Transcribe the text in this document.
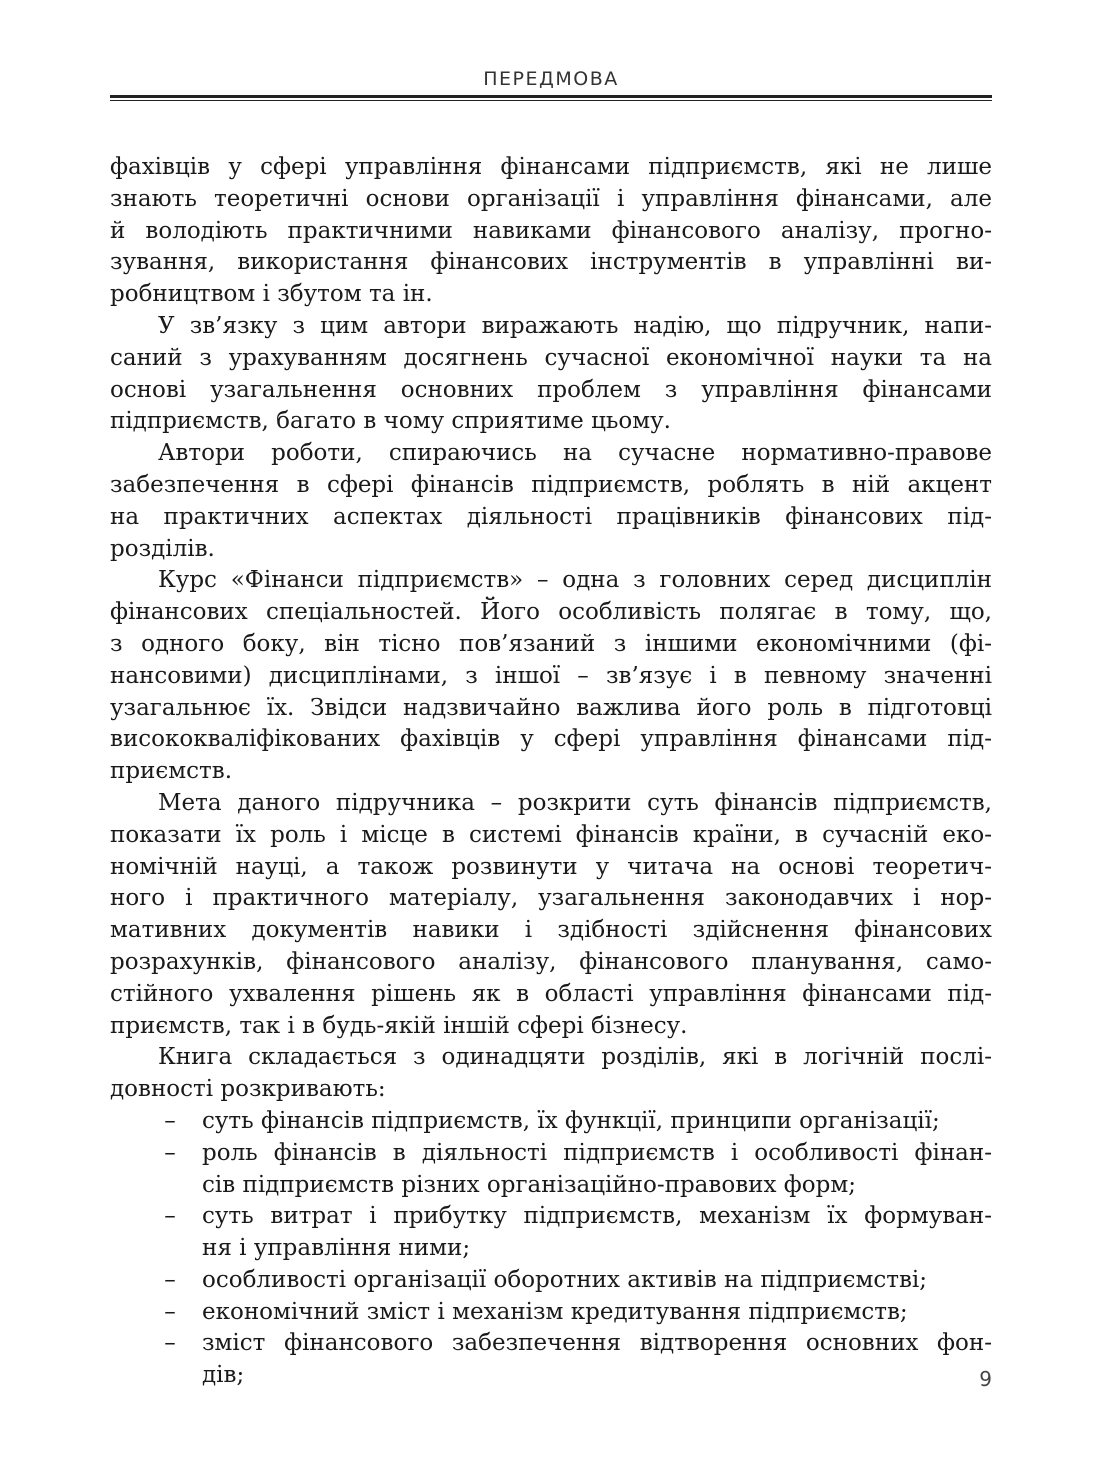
ПЕРЕДМОВА
фахівців у сфері управління фінансами підприємств, які не лише
знають теоретичні основи організації і управління фінансами, але
й володіють практичними навиками фінансового аналізу, прогно-
зування, використання фінансових інструментів в управлінні ви-
робництвом і збутом та ін.
У зв’язку з цим автори виражають надію, що підручник, напи-
саний з урахуванням досягнень сучасної економічної науки та на
основі узагальнення основних проблем з управління фінансами
підприємств, багато в чому сприятиме цьому.
Автори роботи, спираючись на сучасне нормативно-правове
забезпечення в сфері фінансів підприємств, роблять в ній акцент
на практичних аспектах діяльності працівників фінансових під-
розділів.
Курс «Фінанси підприємств» – одна з головних серед дисциплін
фінансових спеціальностей. Його особливість полягає в тому, що,
з одного боку, він тісно пов’язаний з іншими економічними (фі-
нансовими) дисциплінами, з іншої – зв’язує і в певному значенні
узагальнює їх. Звідси надзвичайно важлива його роль в підготовці
висококваліфікованих фахівців у сфері управління фінансами під-
приємств.
Мета даного підручника – розкрити суть фінансів підприємств,
показати їх роль і місце в системі фінансів країни, в сучасній еко-
номічній науці, а також розвинути у читача на основі теоретич-
ного і практичного матеріалу, узагальнення законодавчих і нор-
мативних документів навики і здібності здійснення фінансових
розрахунків, фінансового аналізу, фінансового планування, само-
стійного ухвалення рішень як в області управління фінансами під-
приємств, так і в будь-якій іншій сфері бізнесу.
Книга складається з одинадцяти розділів, які в логічній послі-
довності розкривають:
–	суть фінансів підприємств, їх функції, принципи організації;
–	роль фінансів в діяльності підприємств і особливості фінан-
сів підприємств різних організаційно-правових форм;
–	суть витрат і прибутку підприємств, механізм їх формуван-
ня і управління ними;
–	особливості організації оборотних активів на підприємстві;
–	економічний зміст і механізм кредитування підприємств;
–	зміст фінансового забезпечення відтворення основних фон-
дів;	9
